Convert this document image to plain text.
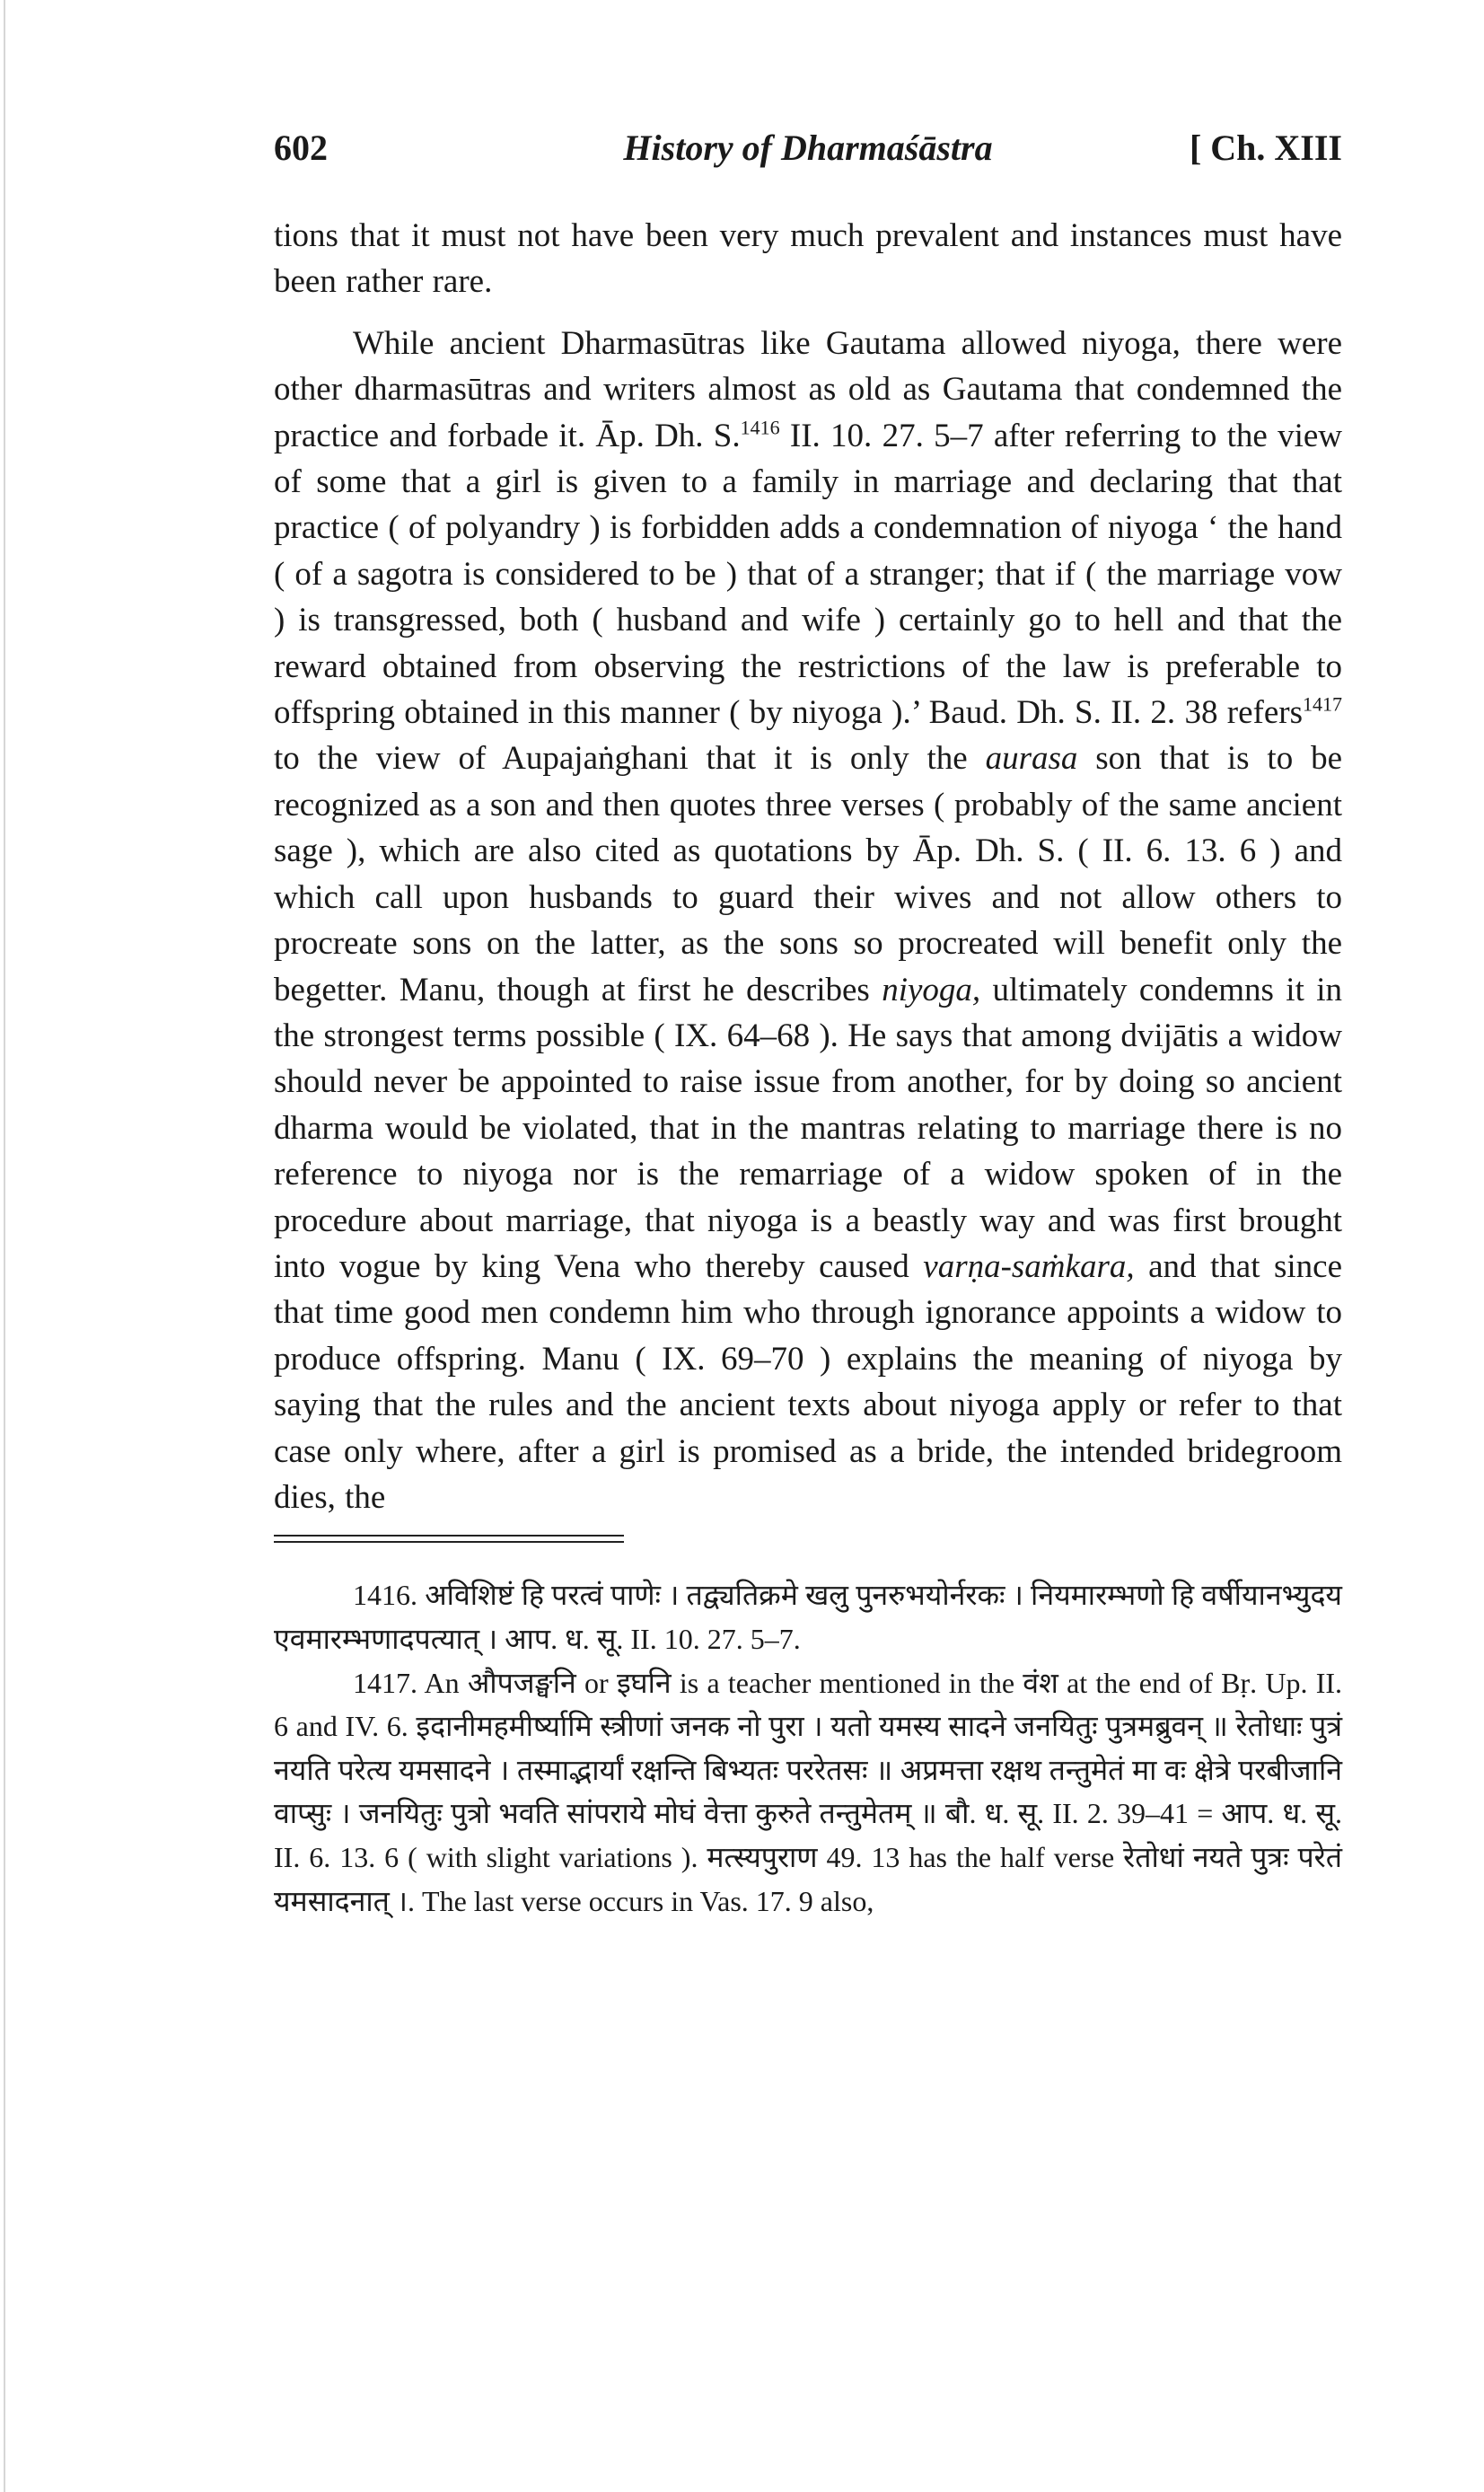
602	History of Dharmaśāstra	[ Ch. XIII

tions that it must not have been very much prevalent and instances must have been rather rare.

While ancient Dharmasūtras like Gautama allowed niyoga, there were other dharmasūtras and writers almost as old as Gautama that condemned the practice and forbade it. Āp. Dh. S.$^{1416}$ II. 10. 27. 5–7 after referring to the view of some that a girl is given to a family in marriage and declaring that that practice ( of polyandry ) is forbidden adds a condemnation of niyoga ‘ the hand ( of a sagotra is considered to be ) that of a stranger; that if ( the marriage vow ) is transgressed, both ( husband and wife ) certainly go to hell and that the reward obtained from observing the restrictions of the law is preferable to offspring obtained in this manner ( by niyoga ).’ Baud. Dh. S. II. 2. 38 refers$^{1417}$ to the view of Aupajaṅghani that it is only the aurasa son that is to be recognized as a son and then quotes three verses ( probably of the same ancient sage ), which are also cited as quotations by Āp. Dh. S. ( II. 6. 13. 6 ) and which call upon husbands to guard their wives and not allow others to procreate sons on the latter, as the sons so procreated will benefit only the begetter. Manu, though at first he describes niyoga, ultimately condemns it in the strongest terms possible ( IX. 64–68 ). He says that among dvijātis a widow should never be appointed to raise issue from another, for by doing so ancient dharma would be violated, that in the mantras relating to marriage there is no reference to niyoga nor is the remarriage of a widow spoken of in the procedure about marriage, that niyoga is a beastly way and was first brought into vogue by king Vena who thereby caused varṇa-saṁkara, and that since that time good men condemn him who through ignorance appoints a widow to produce offspring. Manu ( IX. 69–70 ) explains the meaning of niyoga by saying that the rules and the ancient texts about niyoga apply or refer to that case only where, after a girl is promised as a bride, the intended bridegroom dies, the

1416. अविशिष्टं हि परत्वं पाणेः । तद्व्यतिक्रमे खलु पुनरुभयोर्नरकः । नियमारम्भणो हि वर्षीयानभ्युदय एवमारम्भणादपत्यात् । आप. ध. सू. II. 10. 27. 5–7.

1417. An औपजङ्घनि or इघनि is a teacher mentioned in the वंश at the end of Bṛ. Up. II. 6 and IV. 6. इदानीमहमीर्ष्यामि स्त्रीणां जनक नो पुरा । यतो यमस्य सादने जनयितुः पुत्रमब्रुवन् ॥ रेतोधाः पुत्रं नयति परेत्य यमसादने । तस्माद्भार्यां रक्षन्ति बिभ्यतः पररेतसः ॥ अप्रमत्ता रक्षथ तन्तुमेतं मा वः क्षेत्रे परबीजानि वाप्सुः । जनयितुः पुत्रो भवति सांपराये मोघं वेत्ता कुरुते तन्तुमेतम् ॥ बौ. ध. सू. II. 2. 39–41 = आप. ध. सू. II. 6. 13. 6 ( with slight variations ). मत्स्यपुराण 49. 13 has the half verse रेतोधां नयते पुत्रः परेतं यमसादनात् ।. The last verse occurs in Vas. 17. 9 also,
